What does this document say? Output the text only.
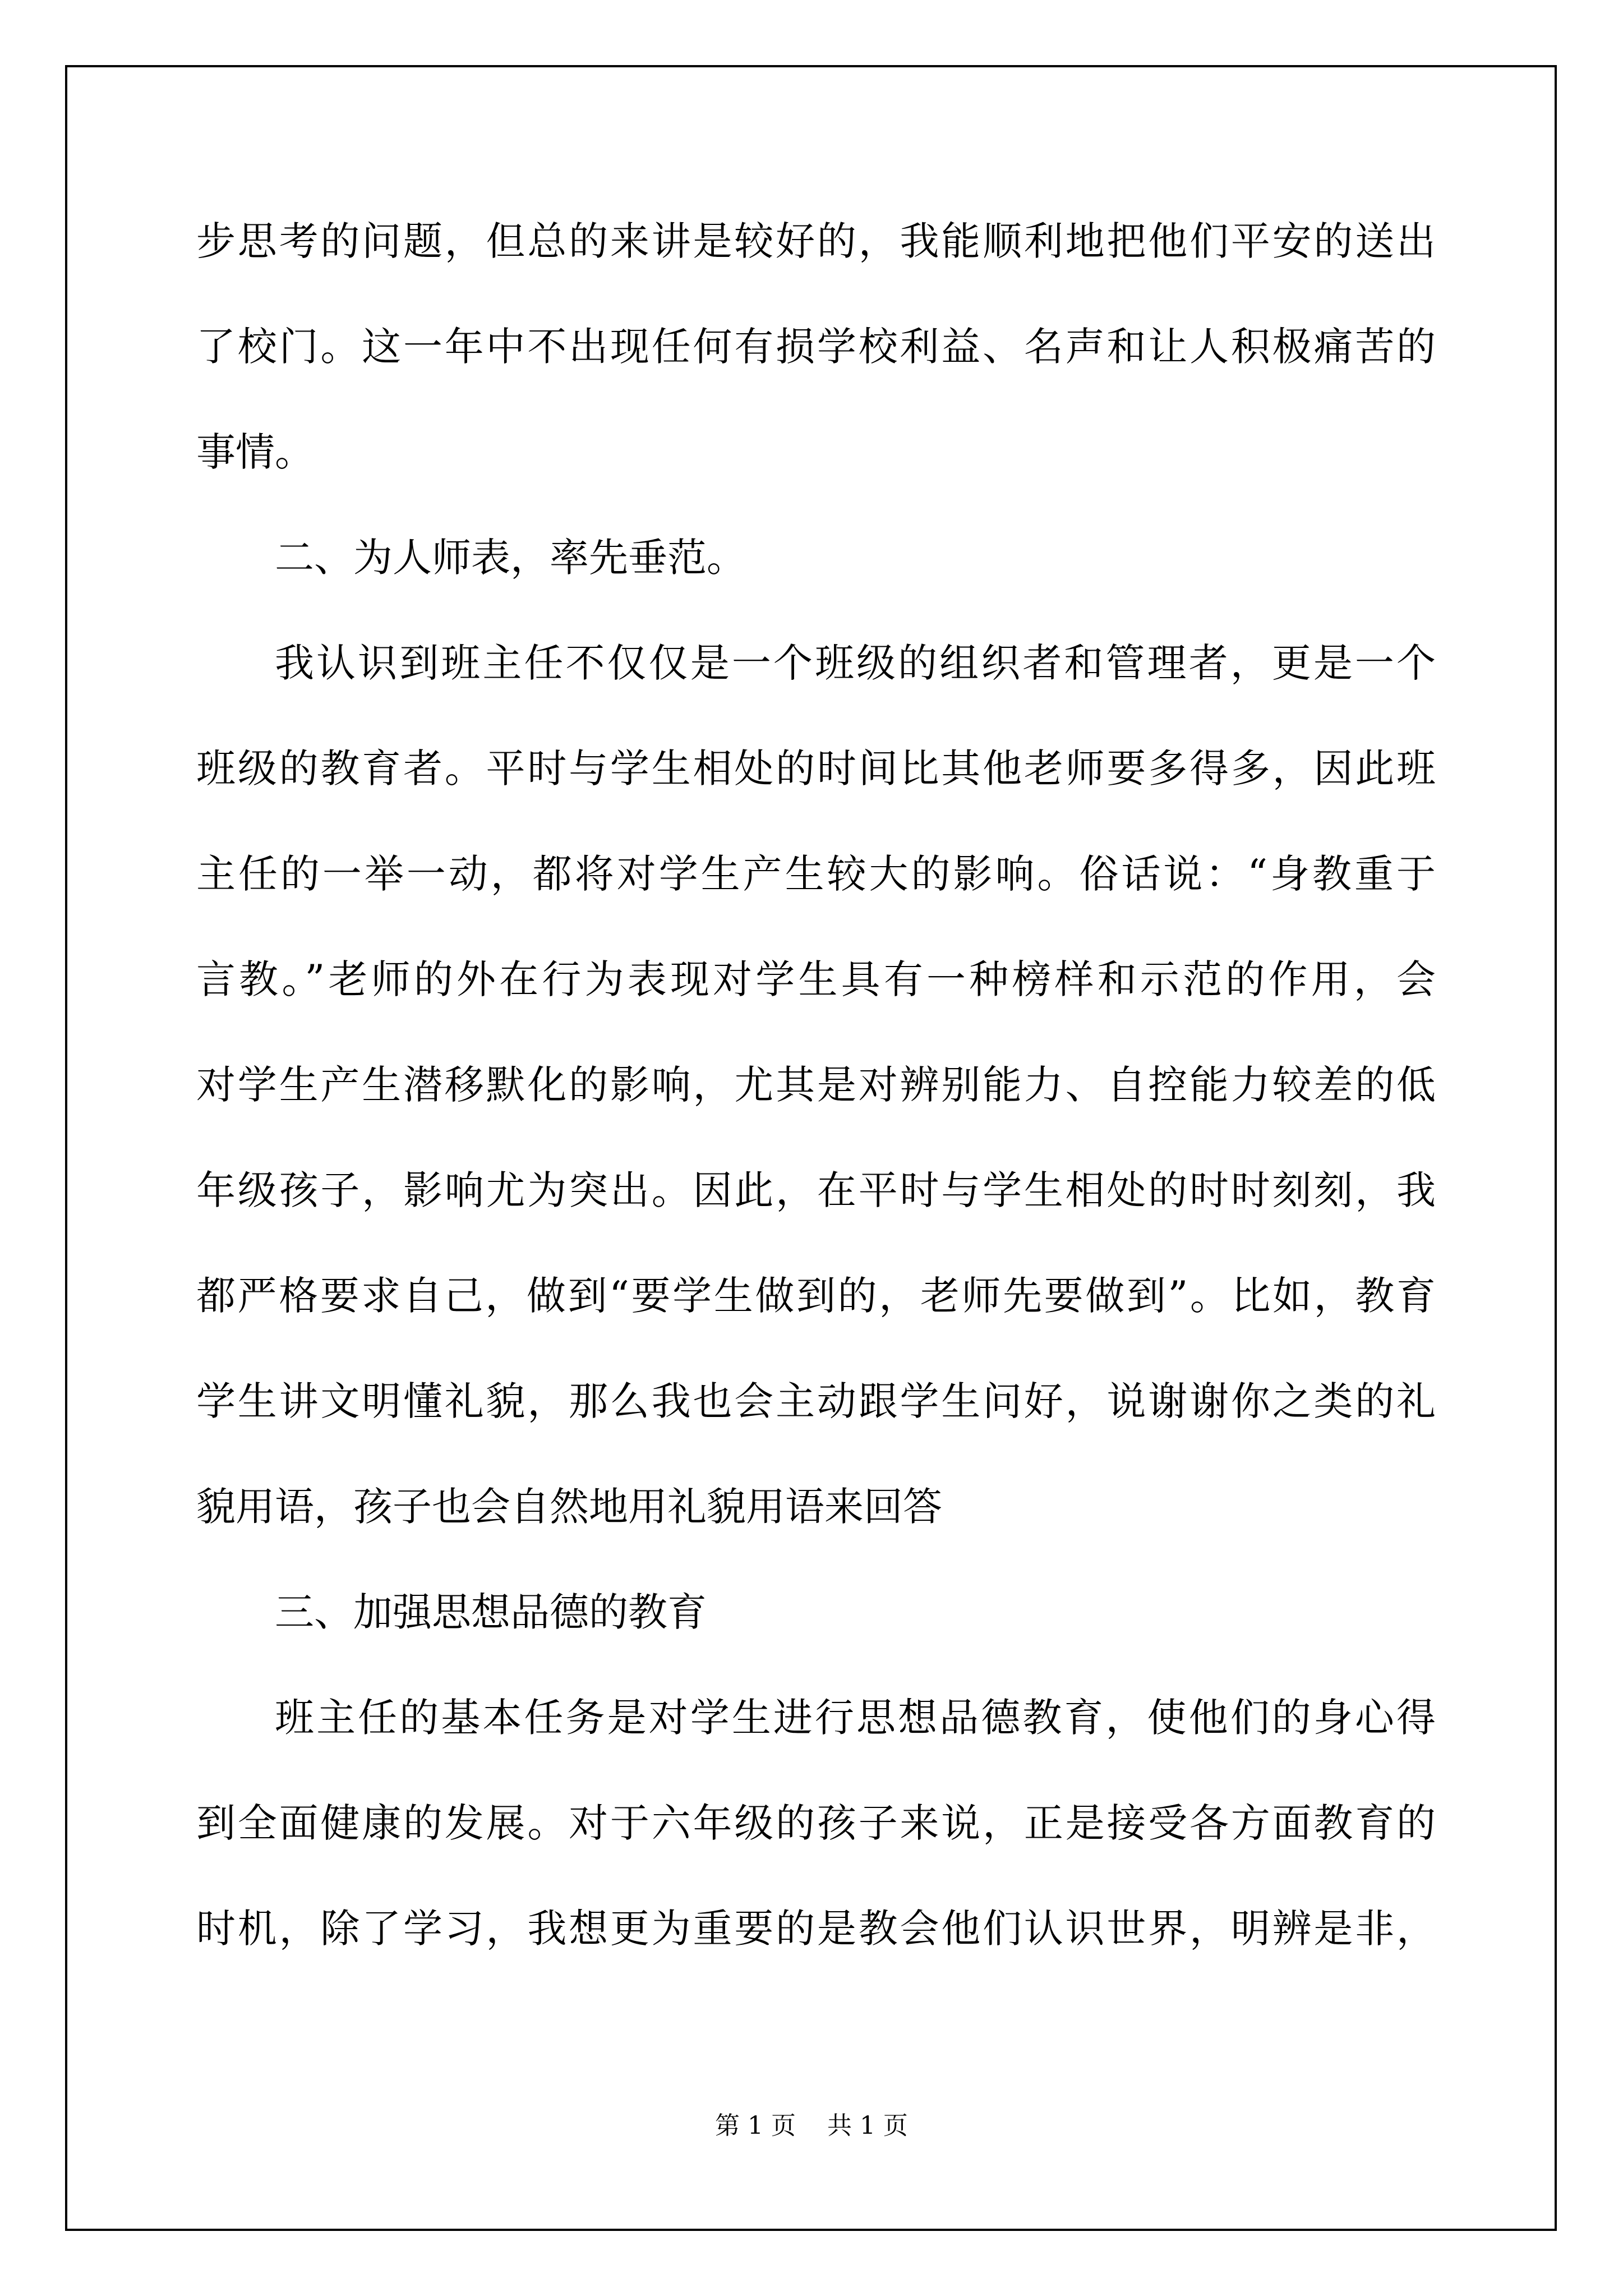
步思考的问题，但总的来讲是较好的，我能顺利地把他们平安的送出
了校门。这一年中不出现任何有损学校利益、名声和让人积极痛苦的
事情。
二、为人师表，率先垂范。
我认识到班主任不仅仅是一个班级的组织者和管理者，更是一个
班级的教育者。平时与学生相处的时间比其他老师要多得多，因此班
主任的一举一动，都将对学生产生较大的影响。俗话说：“身教重于
言教。”老师的外在行为表现对学生具有一种榜样和示范的作用，会
对学生产生潜移默化的影响，尤其是对辨别能力、自控能力较差的低
年级孩子，影响尤为突出。因此，在平时与学生相处的时时刻刻，我
都严格要求自己，做到“要学生做到的，老师先要做到”。比如，教育
学生讲文明懂礼貌，那么我也会主动跟学生问好，说谢谢你之类的礼
貌用语，孩子也会自然地用礼貌用语来回答
三、加强思想品德的教育
班主任的基本任务是对学生进行思想品德教育，使他们的身心得
到全面健康的发展。对于六年级的孩子来说，正是接受各方面教育的
时机，除了学习，我想更为重要的是教会他们认识世界，明辨是非，
第 1 页    共 1 页
